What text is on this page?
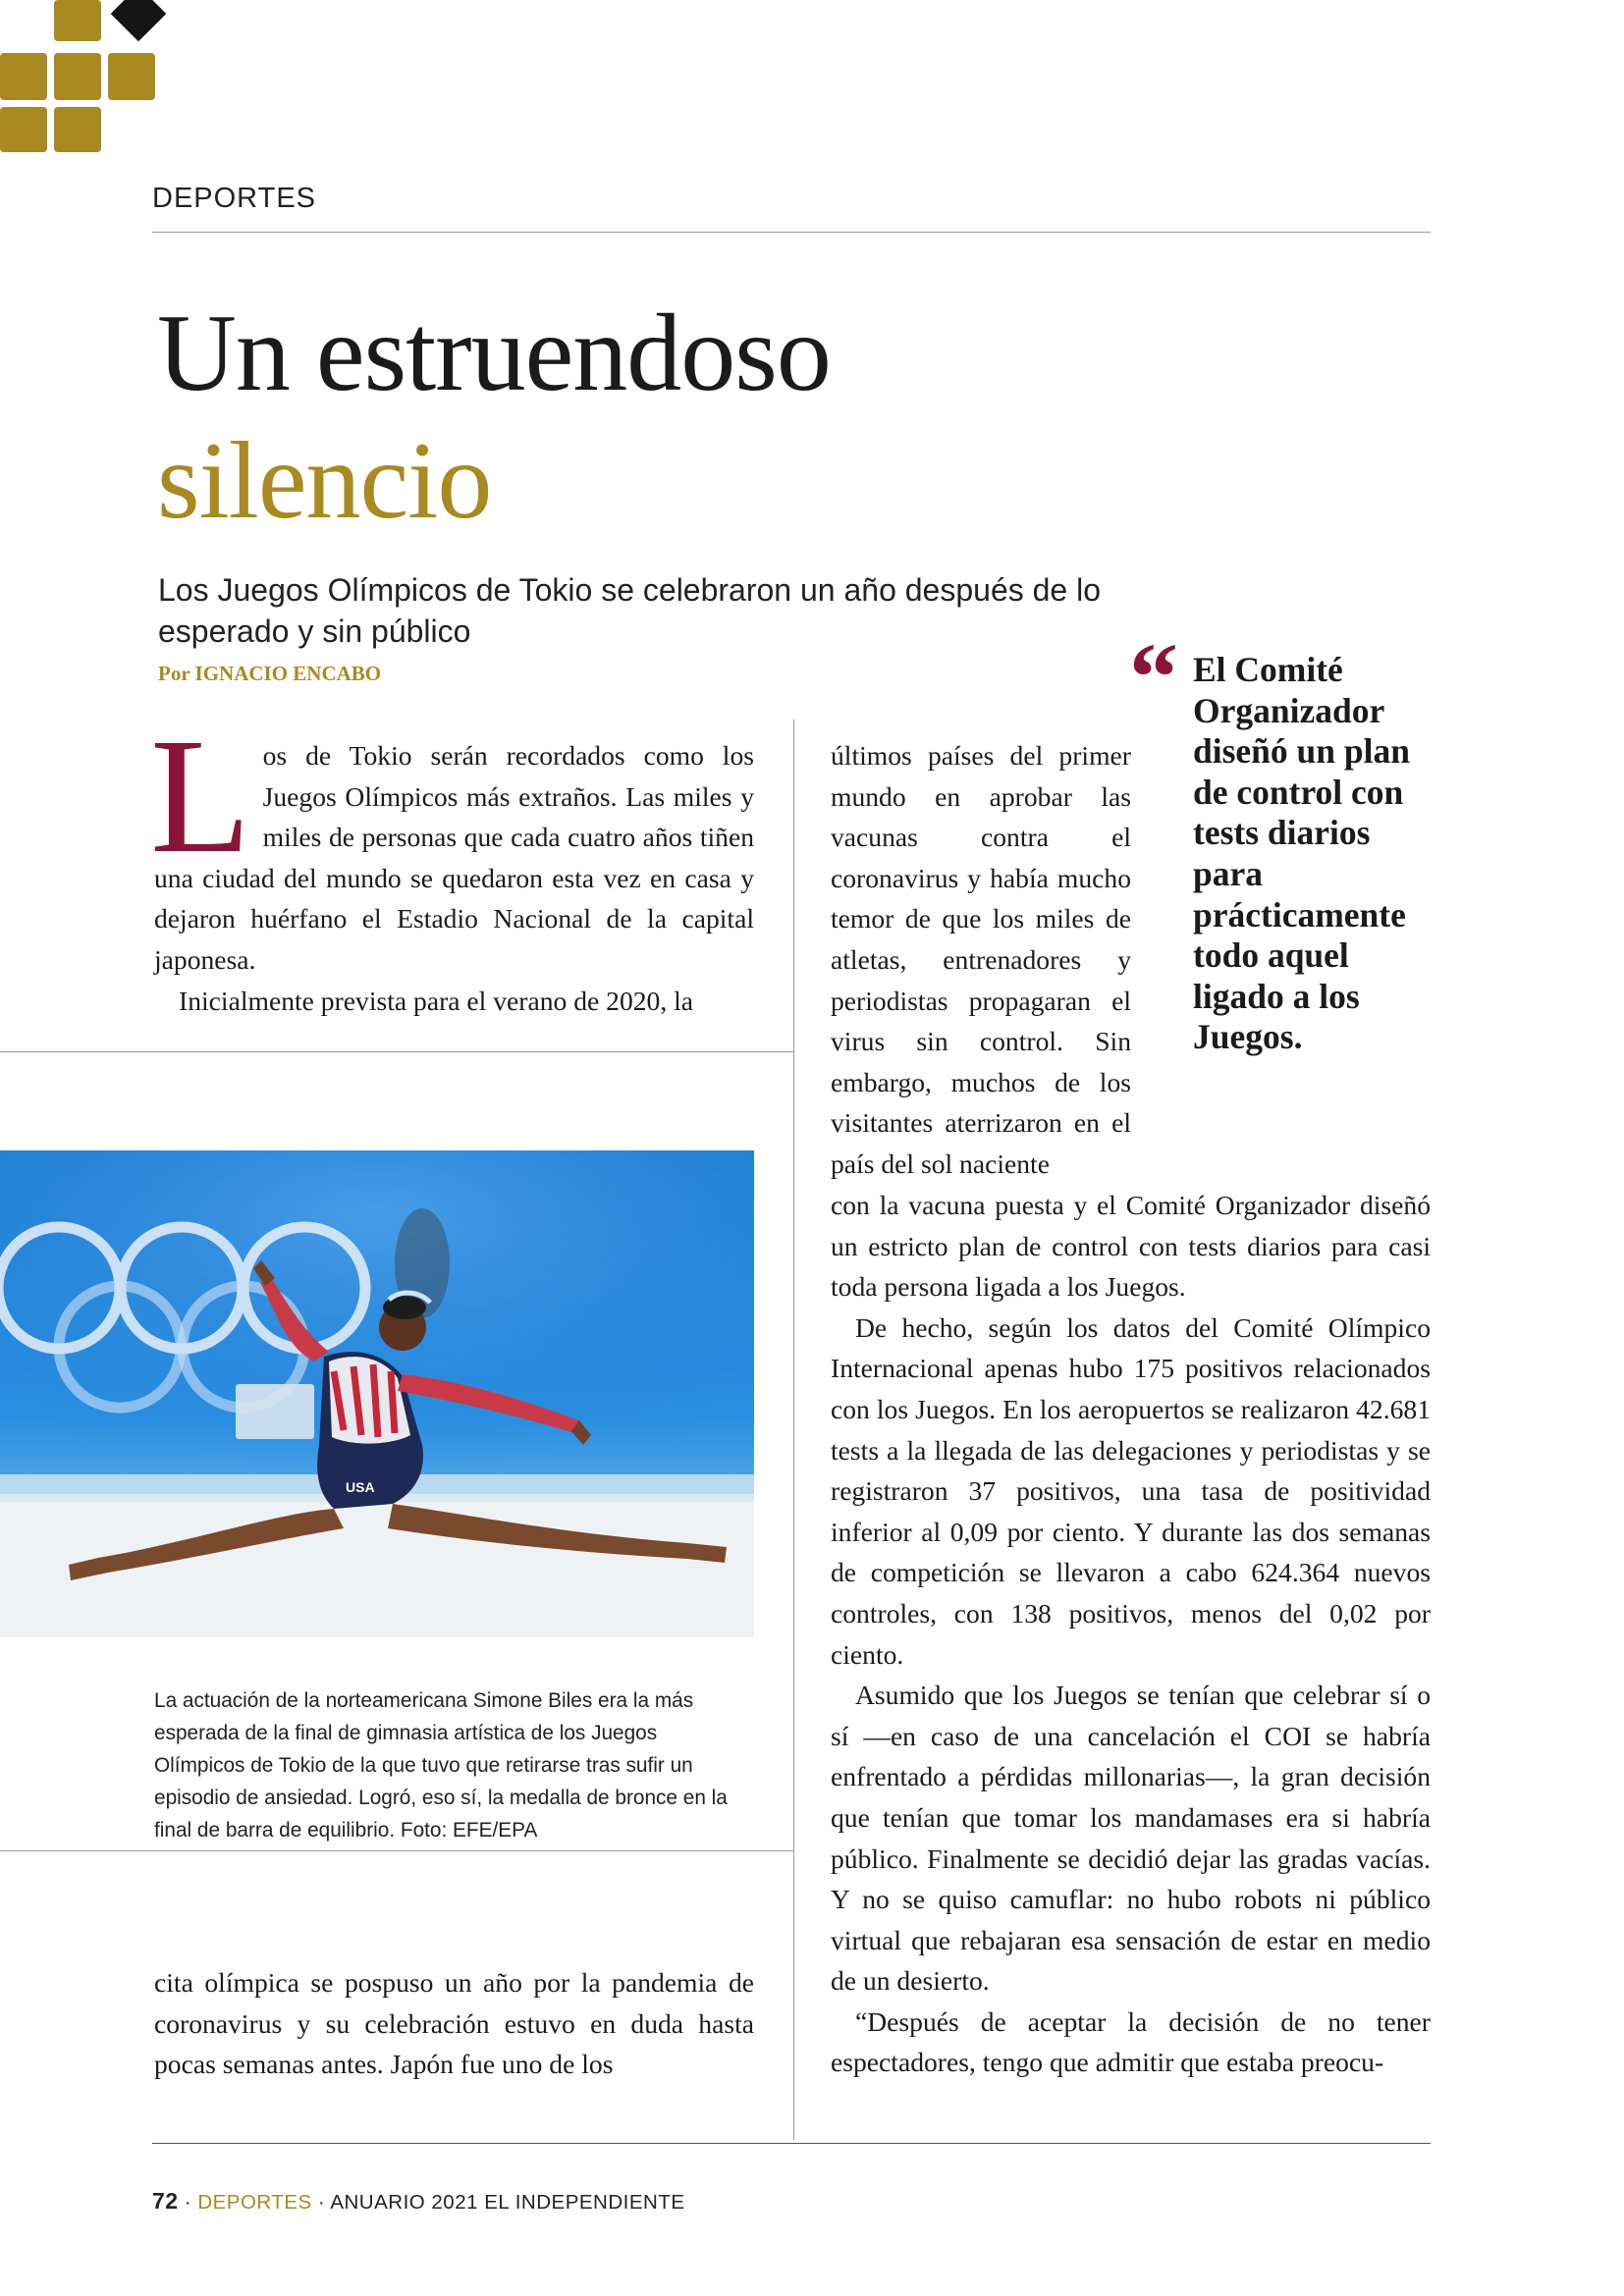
DEPORTES
Un estruendoso
silencio
Los Juegos Olímpicos de Tokio se celebraron un año después de lo esperado y sin público
Por IGNACIO ENCABO

Los de Tokio serán recordados como los Juegos Olímpicos más extraños. Las miles y miles de personas que cada cuatro años tiñen una ciudad del mundo se quedaron esta vez en casa y dejaron huérfano el Estadio Nacional de la capital japonesa.

Inicialmente prevista para el verano de 2020, la

USA
La actuación de la norteamericana Simone Biles era la más esperada de la final de gimnasia artística de los Juegos Olímpicos de Tokio de la que tuvo que retirarse tras sufir un episodio de ansiedad. Logró, eso sí, la medalla de bronce en la final de barra de equilibrio. Foto: EFE/EPA

cita olímpica se pospuso un año por la pandemia de coronavirus y su celebración estuvo en duda hasta pocas semanas antes. Japón fue uno de los

últimos países del primer mundo en aprobar las vacunas contra el coronavirus y había mucho temor de que los miles de atletas, entrenadores y periodistas propagaran el virus sin control. Sin embargo, muchos de los visitantes aterrizaron en el país del sol naciente

“ El Comité Organizador diseñó un plan de control con tests diarios para prácticamente todo aquel ligado a los Juegos.

con la vacuna puesta y el Comité Organizador diseñó un estricto plan de control con tests diarios para casi toda persona ligada a los Juegos.

De hecho, según los datos del Comité Olímpico Internacional apenas hubo 175 positivos relacionados con los Juegos. En los aeropuertos se realizaron 42.681 tests a la llegada de las delegaciones y periodistas y se registraron 37 positivos, una tasa de positividad inferior al 0,09 por ciento. Y durante las dos semanas de competición se llevaron a cabo 624.364 nuevos controles, con 138 positivos, menos del 0,02 por ciento.

Asumido que los Juegos se tenían que celebrar sí o sí —en caso de una cancelación el COI se habría enfrentado a pérdidas millonarias—, la gran decisión que tenían que tomar los mandamases era si habría público. Finalmente se decidió dejar las gradas vacías. Y no se quiso camuflar: no hubo robots ni público virtual que rebajaran esa sensación de estar en medio de un desierto.

“Después de aceptar la decisión de no tener espectadores, tengo que admitir que estaba preocu-

72 · DEPORTES · ANUARIO 2021 EL INDEPENDIENTE
